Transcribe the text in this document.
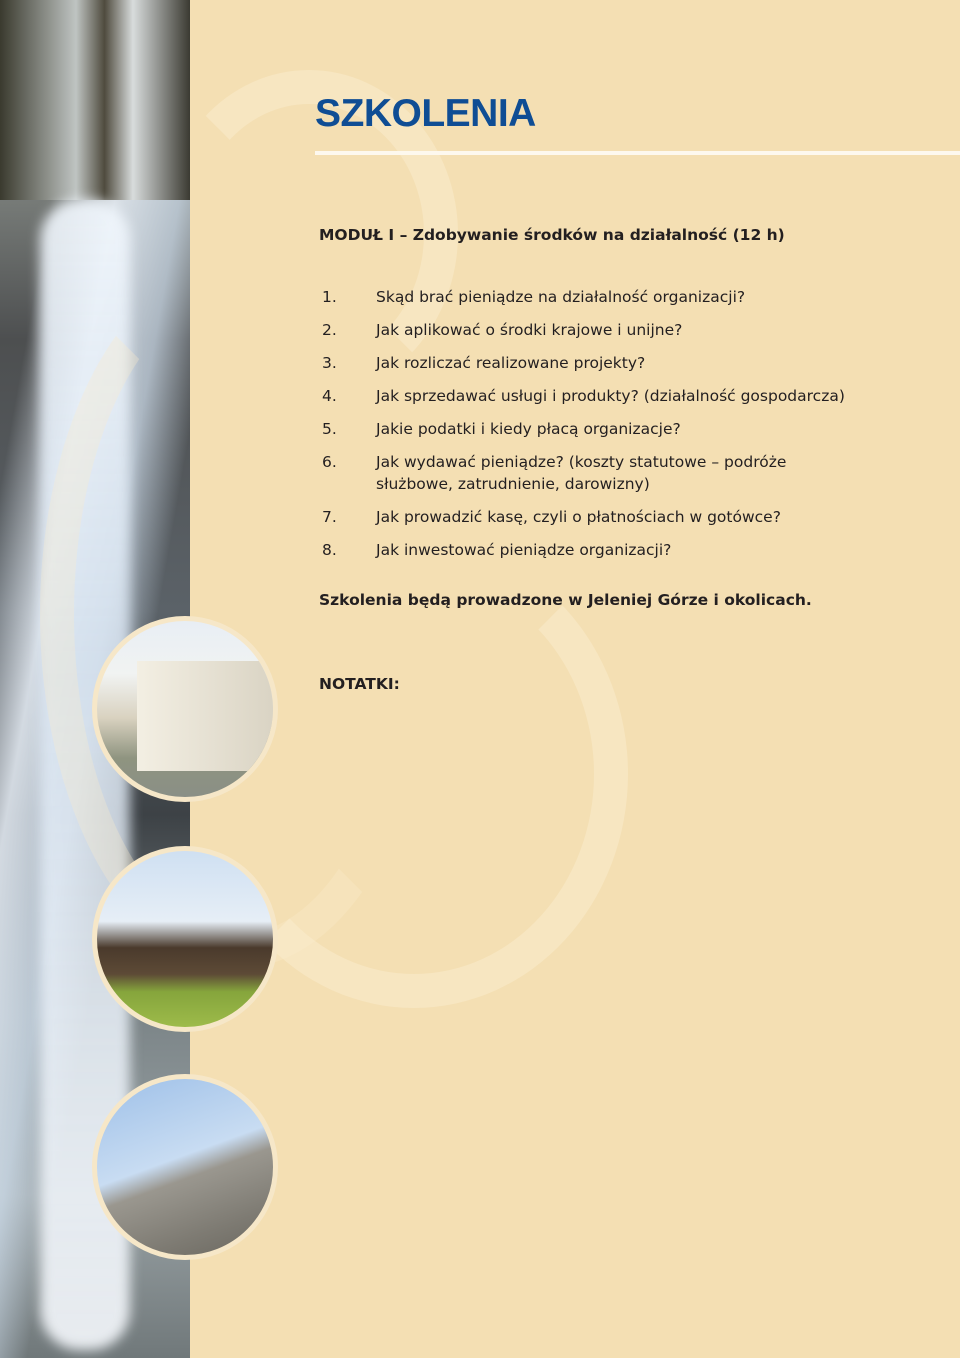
SZKOLENIA

MODUŁ I – Zdobywanie środków na działalność (12 h)

1.	Skąd brać pieniądze na działalność organizacji?
2.	Jak aplikować o środki krajowe i unijne?
3.	Jak rozliczać realizowane projekty?
4.	Jak sprzedawać usługi i produkty? (działalność gospodarcza)
5.	Jakie podatki i kiedy płacą organizacje?
6.	Jak wydawać pieniądze? (koszty statutowe – podróże służbowe, zatrudnienie, darowizny)
7.	Jak prowadzić kasę, czyli o płatnościach w gotówce?
8.	Jak inwestować pieniądze organizacji?

Szkolenia będą prowadzone w Jeleniej Górze i okolicach.

NOTATKI:
